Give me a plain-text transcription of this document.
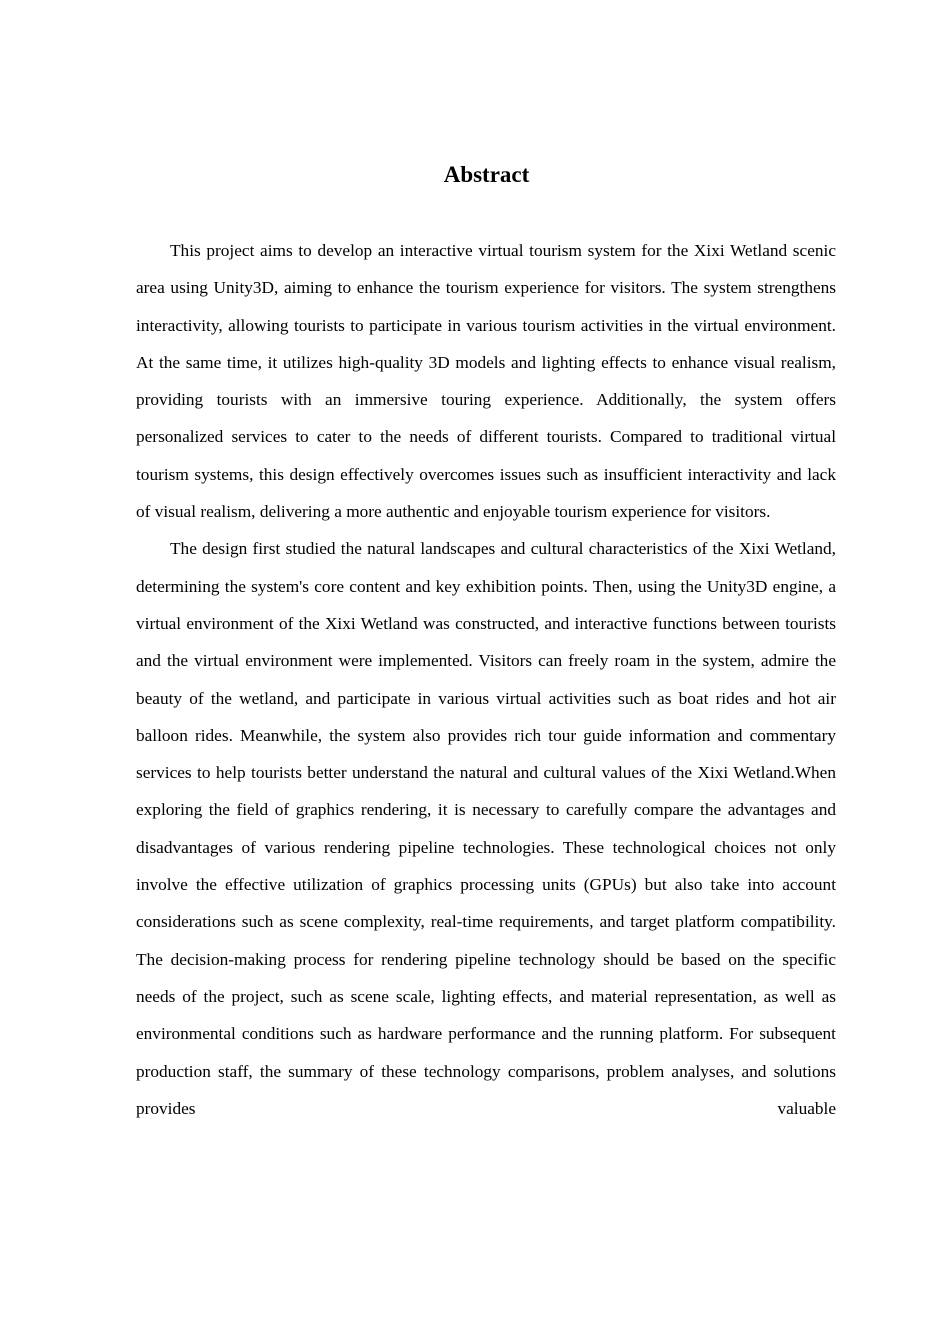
Abstract

This project aims to develop an interactive virtual tourism system for the Xixi Wetland scenic area using Unity3D, aiming to enhance the tourism experience for visitors. The system strengthens interactivity, allowing tourists to participate in various tourism activities in the virtual environment. At the same time, it utilizes high-quality 3D models and lighting effects to enhance visual realism, providing tourists with an immersive touring experience. Additionally, the system offers personalized services to cater to the needs of different tourists. Compared to traditional virtual tourism systems, this design effectively overcomes issues such as insufficient interactivity and lack of visual realism, delivering a more authentic and enjoyable tourism experience for visitors.

The design first studied the natural landscapes and cultural characteristics of the Xixi Wetland, determining the system's core content and key exhibition points. Then, using the Unity3D engine, a virtual environment of the Xixi Wetland was constructed, and interactive functions between tourists and the virtual environment were implemented. Visitors can freely roam in the system, admire the beauty of the wetland, and participate in various virtual activities such as boat rides and hot air balloon rides. Meanwhile, the system also provides rich tour guide information and commentary services to help tourists better understand the natural and cultural values of the Xixi Wetland.When exploring the field of graphics rendering, it is necessary to carefully compare the advantages and disadvantages of various rendering pipeline technologies. These technological choices not only involve the effective utilization of graphics processing units (GPUs) but also take into account considerations such as scene complexity, real-time requirements, and target platform compatibility. The decision-making process for rendering pipeline technology should be based on the specific needs of the project, such as scene scale, lighting effects, and material representation, as well as environmental conditions such as hardware performance and the running platform. For subsequent production staff, the summary of these technology comparisons, problem analyses, and solutions provides valuable
